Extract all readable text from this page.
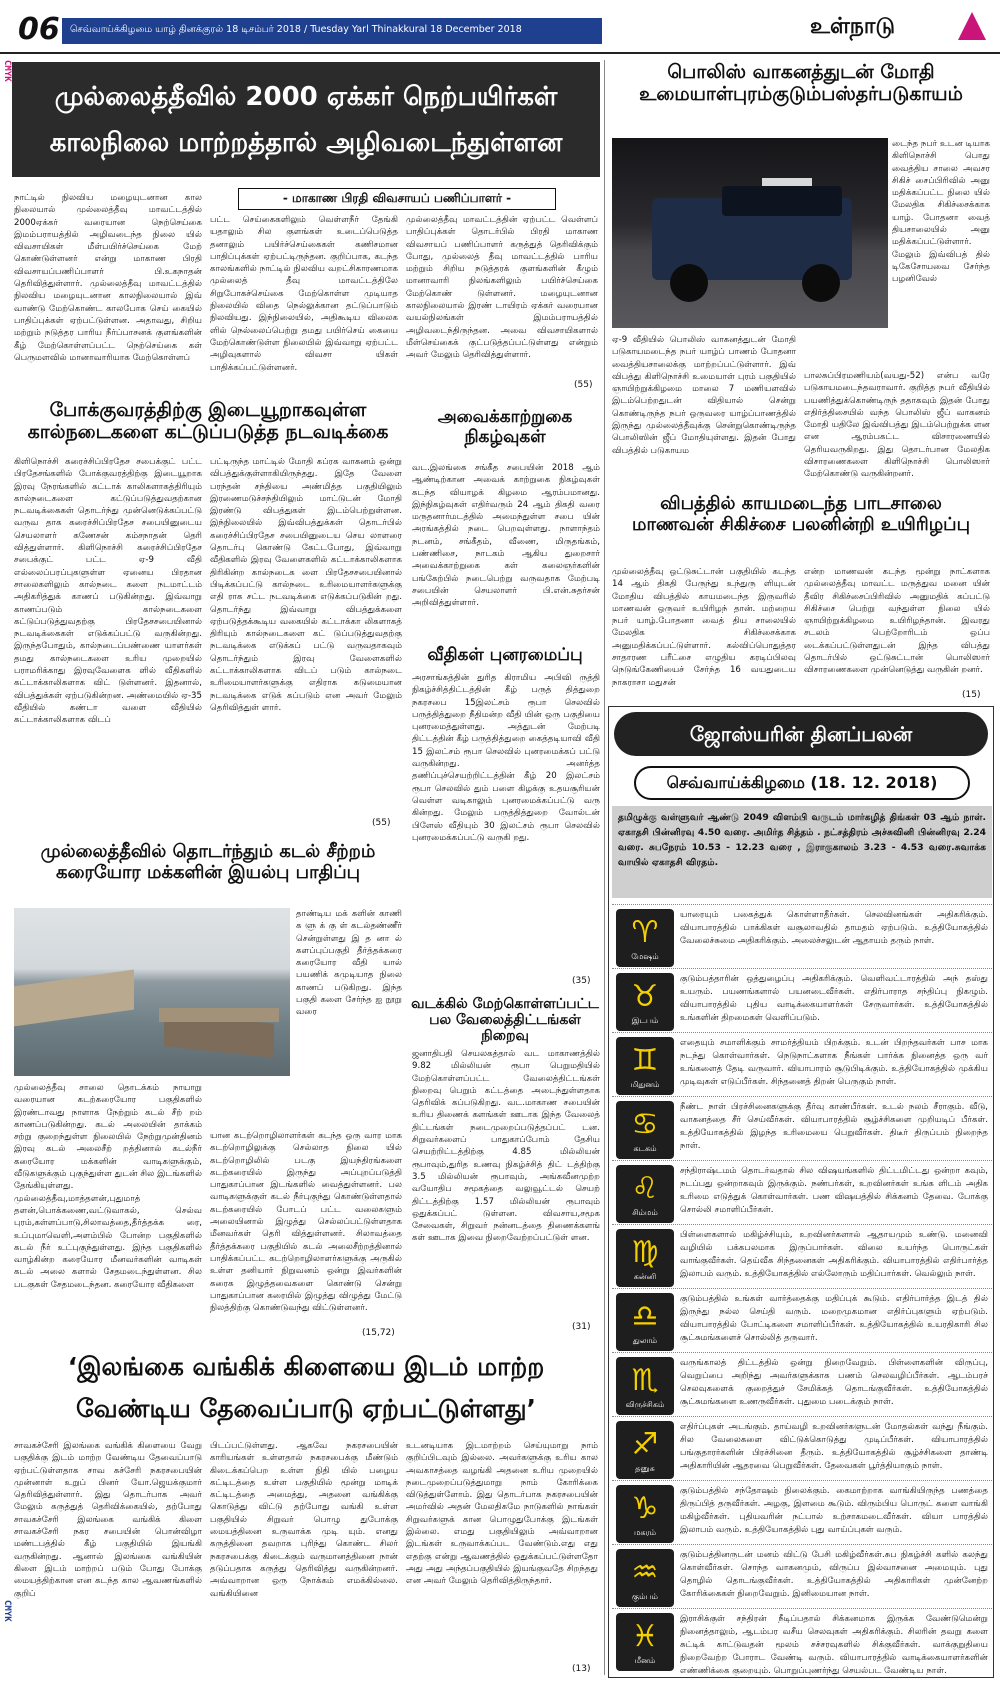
06 செவ்வாய்க்கிழமை யாழ் தினக்குரல் 18 டிசம்பர் 2018 / Tuesday Yarl Thinakkural 18 December 2018	உள்நாடு
CMYK
CMYK
முல்லைத்தீவில் 2000 ஏக்கர் நெற்பயிர்கள்
காலநிலை மாற்றத்தால் அழிவடைந்துள்ளன
- மாகாண பிரதி விவசாயப் பணிப்பாளர் -
நாட்டில் நிலவிய மழையுடனான கால நிலையால் முல்லைத்தீவு மாவட்டத்தில் 2000ஏக்கர் வரையான நெற்செய்கை இமம்பராயத்தில் அழிவடைந்த நிலை யில் விவசாயிகள் மீள்பயிர்ச்செய்கை மேற் கொண்டுள்ளனர் என்று மாகாண பிரதி விவசாயப்பணிப்பாளர் பி.உகநாதன் தெரிவித்துள்ளார். முல்லைத்தீவு மாவட்டத்தில் நிலவிய மழையுடனான காலநிலையால் இவ் வாண்டு மேற்கொண்ட காலபோக செய் கையில் பாதிப்புக்கள் ஏற்பட்டுள்ளன. அதாவது, சிறிய மற்றும் நடுத்தர பாரிய நீர்ப்பாசனக் குளங்களின் கீழ் மேற்கொள்ளப்பட்ட நெற்செய்கை கள் பெருமளவில் மானாவாரியாக மேற்கொள்ளப்
பட்ட செய்கைகளிலும் வெள்ளநீர் தேங்கி யதாலும் சில குளங்கள் உடைப்பெடுத்த தனாலும் பயிர்ச்செய்கைகள் கணிசமான பாதிப்புக்கள் ஏற்பட்டிருந்தன. குறிப்பாக, கடந்த காலங்களில் நாட்டில் நிலவிய வறட்சிகாரணமாக முல்லைத் தீவு மாவட்டத்திலே சிறுபோகச்செய்கை மேற்கொள்ள முடியாத நிலையில் விதை நெல்லுக்கான தட்டுப்பாடும் நிலவியது. இந்நிலையில், அதிகூடிய விலைக ளில் நெல்லைப்பெற்று தமது பயிர்செய் கையை மேற்கொண்டுள்ள நிலையில் இவ்வாறு ஏற்பட்ட அழிவுகளால் விவசா யிகள் பாதிக்கப்பட்டுள்ளனர்.
முல்லைத்தீவு மாவட்டத்தின் ஏற்பட்ட வெள்ளப் பாதிப்புக்கள் தொடர்பில் பிரதி மாகாண விவசாயப் பணிப்பாளர் கருத்துத் தெரிவிக்கும் போது, முல்லைத் தீவு மாவட்டத்தில் பாரிய மற்றும் சிறிய நடுத்தரக் குளங்களின் கீழும் மானாவாரி நிலங்களிலும் பயிர்ச்செய்கை மேற்கொண் டுள்ளனர். மழையுடனான காலநிலையால் இரண் டாயிரம் ஏக்கர் வரையான வயல்நிலங்கள் இமம்பராயத்தில் அழிவடைந்திருந்தன. அவை விவசாயிகளால் மீள்செய்கைக் குட்படுத்தப்பட்டுள்ளது என்றும் அவர் மேலும் தெரிவித்துள்ளார்.
(55)
போக்குவரத்திற்கு இடையூறாகவுள்ள
கால்நடைகளை கட்டுப்படுத்த நடவடிக்கை
கிளிநொச்சி கரைச்சிப்பிரதேச சபைக்குட் பட்ட பிரதேசங்களில் போக்குவரத்திற்கு இடையூறாக இரவு நேரங்களில் கட்டாக் காலிகளாகத்திரியும் கால்நடைகளை கட்டுப்படுத்துவதற்கான நடவடிக்கைகள் தொடர்ந்து முன்னெடுக்கப்பட்டு வருவ தாக கரைச்சிப்பிரதேச சபையினுடைய செயலாளர் கணேசன் கம்சநாதன் தெரி வித்துள்ளார். கிளிநொச்சி கரைச்சிப்பிரதேச சபைக்குட் பட்ட ஏ-9 வீதி எல்லைப்பரப்புகளுள்ள ஏனைய பிரதான சாலைகளிலும் கால்நடை களை நடமாட்டம் அதிகரித்துக் காணப் படுகின்றது. இவ்வாறு காணப்படும் கால்நடைகளை கட்டுப்படுத்துவதற்கு பிரதேசசபையினால் நடவடிக்கைகள் எடுக்கப்பட்டு வருகின்றது. இருந்தபோதும், கால்நடைப்பண்ணை யாளர்கள் தமது கால்நடைகளை உரிய முறையில் பராமரிக்காது இரவுவேளைக ளில் வீதிகளில் கட்டாக்காலிகளாக விட் டுள்ளனர். இதனால், விபத்துக்கள் ஏற்படுகின்றன. அண்மையில் ஏ-35 வீதியில் கண்டா வளை வீதியில் கட்டாக்காலிகளாக விடப்
பட்டிருந்த மாட்டில் மோதி கப்ரக வாகனம் ஒன்று விபத்துக்குள்ளாகியிருந்தது. இதே வேளை பரந்தன் சந்தியை அண்மித்த பகுதியிலும் இரணைமடுச்சந்தியிலும் மாட்டுடன் மோதி இரண்டு விபத்துகள் இடம்பெற்றுள்ளன. இந்நிலையில் இவ்விபத்துக்கள் தொடர்பில் கரைச்சிப்பிரதேச சபையினுடைய செய லாளரை தொடர்பு கொண்டு கேட்டபோது, இவ்வாறு வீதிகளில் இரவு வேளைகளில் கட்டாக்காலிகளாக திரிகின்ற கால்நடைக ளை பிரதேசசபையினால் பிடிக்கப்பட்டு கால்நடை உரிமையாளர்களுக்கு எதி ராக சட்ட நடவடிக்கை எடுக்கப்படுகின் றது. தொடர்ந்து இவ்வாறு விபத்துக்களை ஏற்படுத்தக்கூடிய வகையில் கட்டாக்கா லிகளாகத் திரியும் கால்நடைகளை கட் டுப்படுத்துவதற்கு நடவடிக்கை எடுக்கப் பட்டு வருவதாகவும் தொடர்ந்தும் இரவு வேளைகளில் கட்டாக்காலிகளாக விடப் படும் கால்நடை உரிமையாளர்களுக்கு எதிராக கடுமையான நடவடிக்கை எடுக் கப்படும் என அவர் மேலும் தெரிவித்துள் ளார்.
(55)
அவைக்காற்றுகை
நிகழ்வுகள்
வட.இலங்கை சங்கீத சபையின் 2018 ஆம் ஆண்டிற்கான அவைக் காற்றுகை நிகழ்வுகள் கடந்த வியாழக் கிழமை ஆரம்பமானது. இந்நிகழ்வுகள் எதிர்வரும் 24 ஆம் திகதி வரை மருதனார்மடத்தில் அமைந்துள்ள சபை யின் அரங்கத்தில் நடை பெறவுள்ளது. நாளாந்தம் நடனம், சங்கீதம், வீணை, மிருதங்கம், பண்ணிசை, நாடகம் ஆகிய துறைசார் அவைக்காற்றுகை கள் கலைஞர்களின் பங்கேற்பில் நடைபெற்று வருவதாக மேற்படி சபையின் செயலாளர் பி.என்.சுதர்சன் அறிவித்துள்ளார்.
வீதிகள் புனரமைப்பு
அரசாங்கத்தின் துரித கிராமிய அபிவி ருத்தி நிகழ்ச்சித்திட்டத்தின் கீழ் பருத் தித்துறை நகரசபை 15இலட்சம் ரூபா செலவில் பருத்தித்துறை நீதிமன்ற வீதி யின் ஒரு பகுதியை புனரமைத்துள்ளது. அத்துடன் மேற்படி திட்டத்தின் கீழ் பருத்தித்துறை கைத்தடியாவி வீதி 15 இலட்சம் ரூபா செலவில் புனரமைக்கப் பட்டு வருகின்றது. அனர்த்த தணிப்புச்செயற்றிட்டத்தின் கீழ் 20 இலட்சம் ரூபா செலவில் தும் பளை கிழக்கு உதயசூரியன் வெள்ள வடிகாலும் புனரமைக்கப்பட்டு வரு கின்றது. மேலும் பருத்தித்துறை வோல்டன் பிளேஸ் வீதியும் 30 இலட்சம் ரூபா செலவில் புனரமைக்கப்பட்டு வருகி றது.
(35)
வடக்கில் மேற்கொள்ளப்பட்ட
பல வேலைத்திட்டங்கள் நிறைவு
ஜனாதிபதி செயலகத்தால் வட மாகாணத்தில் 9.82 மில்லியன் ரூபா பெறுமதியில் மேற்கொள்ளப்பட்ட வேலைத்திட்டங்கள் நிறைவு பெறும் கட்டத்தை அடைந்துள்ளதாக தெரிவிக் கப்படுகிறது. வட.மாகாண சபையின் உரிய திணைக் களங்கள் ஊடாக இந்த வேலைத் திட்டங்கள் நடைமுறைப்படுத்தப்பட் டன. சிறுவர்களைப் பாதுகாப்போம் தேசிய செயற்றிட்டத்திற்கு 4.85 மில்லியன் ரூபாவும்,துரித உணவு நிகழ்ச்சித் திட் டத்திற்கு 3.5 மில்லியன் ரூபாவும், அங்கவீனமுற்ற வயோதிப சமூகத்தை வலுவூட்டல் செயற் திட்டத்திற்கு 1.57 மில்லியன் ரூபாவும் ஒதுக்கப்பட் டுள்ளன. விவசாய,சமூக சேவைகள், சிறுவர் நன்னடத்தை திணைக்களங் கள் ஊடாக இவை நிறைவேற்றப்பட்டுள் ளன.
(31)
முல்லைத்தீவில் தொடர்ந்தும் கடல் சீற்றம்
கரையோர மக்களின் இயல்பு பாதிப்பு
தாண்டிய மக் களின் காணி க ளு க் கு ள் கடல்தண்ணீர் சென்றுள்ளது இ த னா ல் களப்புப்பகுதி தீர்த்தக்கரை கரையோர வீதி யால் பயணிக் கமுடியாத நிலை காணப் படுகிறது. இந்த பகுதி களை சேர்ந்த ஐ நூறு வரை
முல்லைத்தீவு சாலை தொடக்கம் நாயாறு வரையான கடற்கரையோர பகுதிகளில் இரண்டாவது நாளாக நேற்றும் கடல் சீற் றம் காணப்படுகின்றது. கடல் அலையின் தாக்கம் சற்று குறைந்துள்ள நிலையில் நேற்றுமுன்தினம் இரவு கடல் அலைசீற் றத்தினால் கடல்நீர் கரையோர மக்களின் வாடிகளுக்கும், வீடுகளுக்கும் புகுந்துள்ள துடன் சில இடங்களில் தேங்கியுள்ளது. முல்லைத்தீவு,மாத்தளன்,புதுமாத் தளன்,பொக்கணை,வட்டுவாகல், செல்வ புரம்,கள்ளப்பாடு,சிலாவத்தை,தீர்த்தக்க ரை, உப்புமாவெளி,அளம்பில் போன்ற பகுதிகளில் கடல் நீர் உட்புகுந்துள்ளது. இந்த பகுதிகளில் வாழ்கின்ற கரையோர மீனவர்களின் வாடிகள் கடல் அலை களால் சேதமடைந்துள்ளன. சில படகுகள் சேதமடைந்தன. கரையோர வீதிகளை
யான கடற்றொழிலாளர்கள் கடந்த ஒரு வார மாக கடற்றொழிலுக்கு செல்லாத நிலை யில் கடற்றொழிலில் படகு இயந்திரங்களை கடற்கரையில் இருந்து அப்புறப்படுத்தி பாதுகாப்பான இடங்களில் வைத்துள்ளனர். பல வாடிகளுக்குள் கடல் நீர்புகுந்து கொண்டுள்ளதால் கடற்கரையில் போடப் பட்ட வலைகளும் அலையினால் இழுத்து செல்லப்பட்டுள்ளதாக மீனவர்கள் தெரி வித்துள்ளனர். சிலாவத்தை தீர்த்தக்கரை பகுதியில் கடல் அலைசீற்றத்தினால் பாதிக்கப்பட்ட கடற்றொழிலாளர்களுக்கு அருகில் உள்ள தனியார் நிறுவனம் ஒன்று இவர்களின் கரைக இழுத்தவைகளை கொண்டு சென்று பாதுகாப்பான கரையில் இழுத்து விழுத்து மேட்டு நிலத்திற்கு கொண்டுவந்து விட்டுள்ளனர்.
(15,72)
‘இலங்கை வங்கிக் கிளையை இடம் மாற்ற
வேண்டிய தேவைப்பாடு ஏற்பட்டுள்ளது’
சாவகச்சேரி இலங்கை வங்கிக் கிளையை வேறு பகுதிக்கு இடம் மாற்ற வேண்டிய தேவைப்பாடு ஏற்பட்டுள்ளதாக சாவ கச்சேரி நகரசபையின் முன்னாள் உறுப் பினர் யோ.ஜெயக்குமார் தெரிவித்துள்ளார். இது தொடர்பாக அவர் மேலும் கருத்துத் தெரிவிக்கையில், தற்போது சாவகச்சேரி இலங்கை வங்கிக் கிளை சாவகச்சேரி நகர சபையின் பொன்விழா மண்டபத்தில் கீழ் பகுதியில் இயங்கி வருகின்றது. ஆனால் இலங்கை வங்கியின் கிளை இடம் மாற்றப் படும் போது போக்கு மையத்திற்கான என கடந்த கால ஆவணங்களில் குறிப்
பிடப்பட்டுள்ளது. ஆகவே நகரசபையின் காரியங்கள் உள்ளதால் நகரசபைக்கு மீண்டும் கிடைக்கப்பெற உள்ள நிதி யில் பழைய கட்டிடத்தை உள்ள பகுதியில் மூன்று மாடிக் கட்டிடத்தை அமைத்து, அதனை வங்கிக்கு கொடுத்து விட்டு தற்போது வங்கி உள்ள பகுதியில் சிறுவர் பொழு துபோக்கு மையத்தினை உருவாக்க முடி யும். எனது கருத்தினை தவறாக புரிந்து கொண்ட சிலர் நகரசபைக்கு கிடைக்கும் வருமானத்தினை நான் தடுப்பதாக கருத்து தெரிவித்து வருகின்றனர். அவ்வாறான ஒரு நோக்கம் எமக்கில்லை. வங்கியினை
உடனடியாக இடமாற்றம் செய்யுமாறு நாம் குறிப்பிடவும் இல்லை. அவர்களுக்கு உரிய கால அவகாசத்தை வழங்கி அதனை உரிய முறையில் நடைமுறைப்படுத்துமாறு நாம் கோரிக்கை விடுத்துள்ளோம். இது தொடர்பாக நகரசபையின் அமர்வில் அதன் மேலதிகமே நாடுகளில் நாங்கள் சிறுவர்களுக் கான பொழுதுபோக்கு இடங்கள் இல்லை. எமது பகுதியிலும் அவ்வாறான இடங்கள் உருவாக்கப்பட வேண்டும்.எது எது எதற்கு என்று ஆவணத்தில் ஒதுக்கப்பட்டுள்ளதோ அது அது அந்தப்பகுதியில் இயங்குவதே சிறந்தது என அவர் மேலும் தெரிவித்திருந்தார்.
(13)
பொலிஸ் வாகனத்துடன் மோதி
உமையாள்புரம்குடும்பஸ்தர்படுகாயம்
டைந்த நபர் உடன டியாக கிளிநொச்சி பொது வைத்திய சாலை அவசர சிகிச் சைப்பிரிவில் அனு மதிக்கப்பட்ட நிலை யில் மேலதிக சிகிச்சைக்காக யாழ். போதனா வைத் தியசாலையில் அனு மதிக்கப்பட்டுள்ளார். மேலும் இவ்விபத் தில் டிகேசோயவை சேர்ந்த பழனிவேல்
ஏ-9 வீதியில் பொலிஸ் வாகனத்துடன் மோதி படுகாயமடைந்த நபர் யாழ்ப் பாணம் போதனா வைத்தியசாலைக்கு மாற்றப்பட்டுள்ளார். இவ் விபத்து கிளிநொச்சி உமையாள் புரம் பகுதியில் ஞாயிற்றுக்கிழமை மாலை 7 மணியளவில் இடம்பெற்றதுடன் விதியால் சென்று கொண்டிருந்த நபர் ஒருவரை யாழ்ப்பாணத்தில் இருந்து முல்லைத்தீவுக்கு சென்றுகொண்டிருந்த பொலிஸின் ஜீப் மோதியுள்ளது. இதன் போது விபத்தில் படுகாயம
பாலசுப்பிரமணியம்(வயது-52) என்ப வரே படுகாயமடைந்தவராவார். குறித்த நபர் வீதியில் பயணித்துக்கொண்டிருந் ததாகவும் இதன் போது எதிர்த்திசையில் வந்த பொலிஸ் ஜீப் வாகனம் மோதி யதிலே இவ்விபத்து இடம்பெற்றுக்க ளன என ஆரம்பகட்ட விசாரணையில் தெரியவருகிறது. இது தொடர்பான மேலதிக விசாரணைகளை கிளிநொச்சி பொலிஸார் மேற்கொண்டு வருகின்றனர்.
விபத்தில் காயமடைந்த பாடசாலை
மாணவன் சிகிச்சை பலனின்றி உயிரிழப்பு
முல்லைத்தீவு ஒட்டுசுட்டான் பகுதியில் கடந்த 14 ஆம் திகதி பேருந்து உந்துரு ளியுடன் மோதிய விபத்தில் காயமடைந்த இருவரில் மாணவன் ஒருவர் உயிரிழந் தான். மற்றைய நபர் யாழ்.போதனா வைத் திய சாலையில் மேலதிக சிகிச்சைக்காக அனுமதிக்கப்பட்டுள்ளார். கல்விப்பொதுத்தர சாதாரண பரீட்சை எழுதிய கரடிப்பிலவு நெடுங்கேணியைச் சேர்ந்த 16 வயதுடைய நாகராசா மதுசன்
என்ற மாணவன் கடந்த மூன்று நாட்களாக முல்லைத்தீவு மாவட்ட மருத்துவ மனை யின் தீவிர சிகிச்சைப்பிரிவில் அனுமதிக் கப்பட்டு சிகிச்சை பெற்று வந்துள்ள நிலை யில் ஞாயிற்றுக்கிழமை உயிரிழந்தான். இவரது சடலம் பெற்றோரிடம் ஒப்ப டைக்கப்பட்டுள்ளதுடன் இந்த விபத்து தொடர்பில் ஒட்டுசுட்டான் பொலிஸார் விசாரணைகளை முன்னெடுத்து வருகின் றனர்.
(15)
ஜோஸ்யரின் தினப்பலன்
செவ்வாய்க்கிழமை (18. 12. 2018)
தமிழுக்கு வள்ளுவர் ஆண்டு 2049 விளம்பி வருடம் மார்கழித் திங்கள் 03 ஆம் நாள். ஏகாதசி பின்னிரவு 4.50 வரை. அமிர்த சித்தம் . நட்சத்திரம் அச்சுவினி பின்னிரவு 2.24 வரை. சுபநேரம் 10.53 - 12.23 வரை , இராகுகாலம் 3.23 - 4.53 வரை.சுவாக்க வாயில் ஏகாதசி விரதம்.
♈
மேஷம்
யாரையும் பகைத்துக் கொள்ளாதீர்கள். செலவினங்கள் அதிகரிக்கும். வியாபாரத்தில் பாக்கிகள் வசூலாவதில் தாமதம் ஏற்படும். உத்தியோகத்தில் வேலைச்சுமை அதிகரிக்கும். அலைச்சலுடன் ஆதாயம் தரும் நாள்.
♉
இடபம்
குடும்பத்தாரின் ஒத்துழைப்பு அதிகரிக்கும். வெளிவட்டாரத்தில் அந் தஸ்து உயரும். பயணங்களால் பயனடைவீர்கள். எதிர்பாராத சந்திப்பு நிகழும். வியாபாரத்தில் புதிய வாடிக்கையாளர்கள் சேருவார்கள். உத்தியோகத்தில் உங்களின் திறமைகள் வெளிப்படும்.
♊
மிதுனம்
எதையும் சமாளிக்கும் சாமர்த்தியம் பிறக்கும். உடன் பிறந்தவர்கள் பாச மாக நடந்து கொள்வார்கள். நெடுநாட்களாக நீங்கள் பார்க்க நினைத்த ஒரு வர் உங்களைத் தேடி வருவார். வியாபாரம் சூடுபிடிக்கும். உத்தியோகத்தில் முக்கிய முடிவுகள் எடுப்பீர்கள். சிந்தனைத் திறன் பெருகும் நாள்.
♋
கடகம்
நீண்ட நாள் பிரச்சினைகளுக்கு தீர்வு காண்பீர்கள். உடல் நலம் சீராகும். வீடு, வாகனத்தை சீர் செய்வீர்கள். வியாபாரத்தில் சூழ்ச்சிகளை முறியடிப் பீர்கள். உத்தியோகத்தில் இழந்த உரிமையை பெறுவீர்கள். திடீர் திருப்பம் நிறைந்த நாள்.
♌
சிம்மம்
சந்திராஷ்டமம் தொடர்வதால் சில விஷயங்களில் திட்டமிட்டது ஒன்றா கவும், நடப்பது ஒன்றாகவும் இருக்கும். நண்பர்கள், உறவினர்கள் உங்க ளிடம் அதிக உரிமை எடுத்துக் கொள்வார்கள். பண விஷயத்தில் சிக்கனம் தேவை. போக்கு சொல்லி சமாளிப்பீர்கள்.
♍
கன்னி
பிள்ளைகளால் மகிழ்ச்சியும், உறவினர்களால் ஆதாயமும் உண்டு. மனைவி வழியில் பக்கபலமாக இருப்பார்கள். விலை உயர்ந்த பொருட்கள் வாங்குவீர்கள். தெய்வீக சிந்தனைகள் அதிகரிக்கும். வியாபாரத்தில் எதிர்பார்த்த இலாபம் வரும். உத்தியோகத்தில் எல்லோரும் மதிப்பார்கள். வெல்லும் நாள்.
♎
துலாம்
குடும்பத்தில் உங்கள் வார்த்தைக்கு மதிப்புக் கூடும். எதிர்பார்த்த இடத் தில் இருந்து நல்ல செய்தி வரும். மறைமுகமான எதிர்ப்புகளும் ஏற்படும். வியாபாரத்தில் போட்டிகளை சமாளிப்பீர்கள். உத்தியோகத்தில் உயரதிகாரி சில சூட்சுமங்களைச் சொல்லித் தருவார்.
♏
விருச்சிகம்
வருங்காலத் திட்டத்தில் ஒன்று நிறைவேறும். பிள்ளைகளின் விருப்பு, வெறுப்பை அறிந்து அவர்களுக்காக பணம் செலவழிப்பீர்கள். ஆடம்பரச் செலவுகளைக் குறைத்துச் சேமிக்கத் தொடங்குவீர்கள். உத்தியோகத்தில் சூட்சுமங்களை உணருவீர்கள். புதுமை படைக்கும் நாள்.
♐
தனுசு
எதிர்ப்புகள் அடங்கும். தாய்வழி உறவினர்களுடன் மோதல்கள் வந்து நீங்கும். சில வேலைகளை விட்டுக்கொடுத்து முடிப்பீர்கள். வியாபாரத்தில் பங்குதாரர்களின் பிரச்சினை தீரும். உத்தியோகத்தில் சூழ்ச்சிகளை தாண்டி அதிகாரியின் ஆதரவை பெறுவீர்கள். தேவைகள் பூர்த்தியாகும் நாள்.
♑
மகரம்
குடும்பத்தில் சந்தோஷம் நிலைக்கும். கைமாற்றாக வாங்கியிருந்த பணத்தை திருப்பித் தருவீர்கள். அழகு, இளமை கூடும். விரும்பிய பொருட் களை வாங்கி மகிழ்வீர்கள். புதியவரின் நட்பால் உற்சாகமடைவீர்கள். வியா பாரத்தில் இலாபம் வரும். உத்தியோகத்தில் புது வாய்ப்புகள் வரும்.
♒
கும்பம்
குடும்பத்தினருடன் மனம் விட்டு பேசி மகிழ்வீர்கள்.சுப நிகழ்ச்சி களில் கலந்து கொள்வீர்கள். சொந்த வாகனமும், விருப்ப இல்வாசனை அமையும். புது தொழில் தொடங்குவீர்கள். உத்தியோகத்தில் அதிகாரிகள் முன்னேற்ற கோரிக்கைகள் நிறைவேறும். இனிமையான நாள்.
♓
மீனம்
இராசிக்குள் சந்திரன் நீடிப்பதால் சிக்கனமாக இருக்க வேண்டுமென்று நினைத்தாலும், ஆடம்பர வசீய செலவுகள் அதிகரிக்கும். சிலரின் தவறு களை சுட்டிக் காட்டுவதன் மூலம் சச்சரவுகளில் சிக்குவீர்கள். வாக்குறுதியை நிறைவேற்ற போராட வேண்டி வரும். வியாபாரத்தில் வாடிக்கையாளர்களின் எண்ணிக்கை குறையும். பொறுப்புணர்ந்து செயல்பட வேண்டிய நாள்.
